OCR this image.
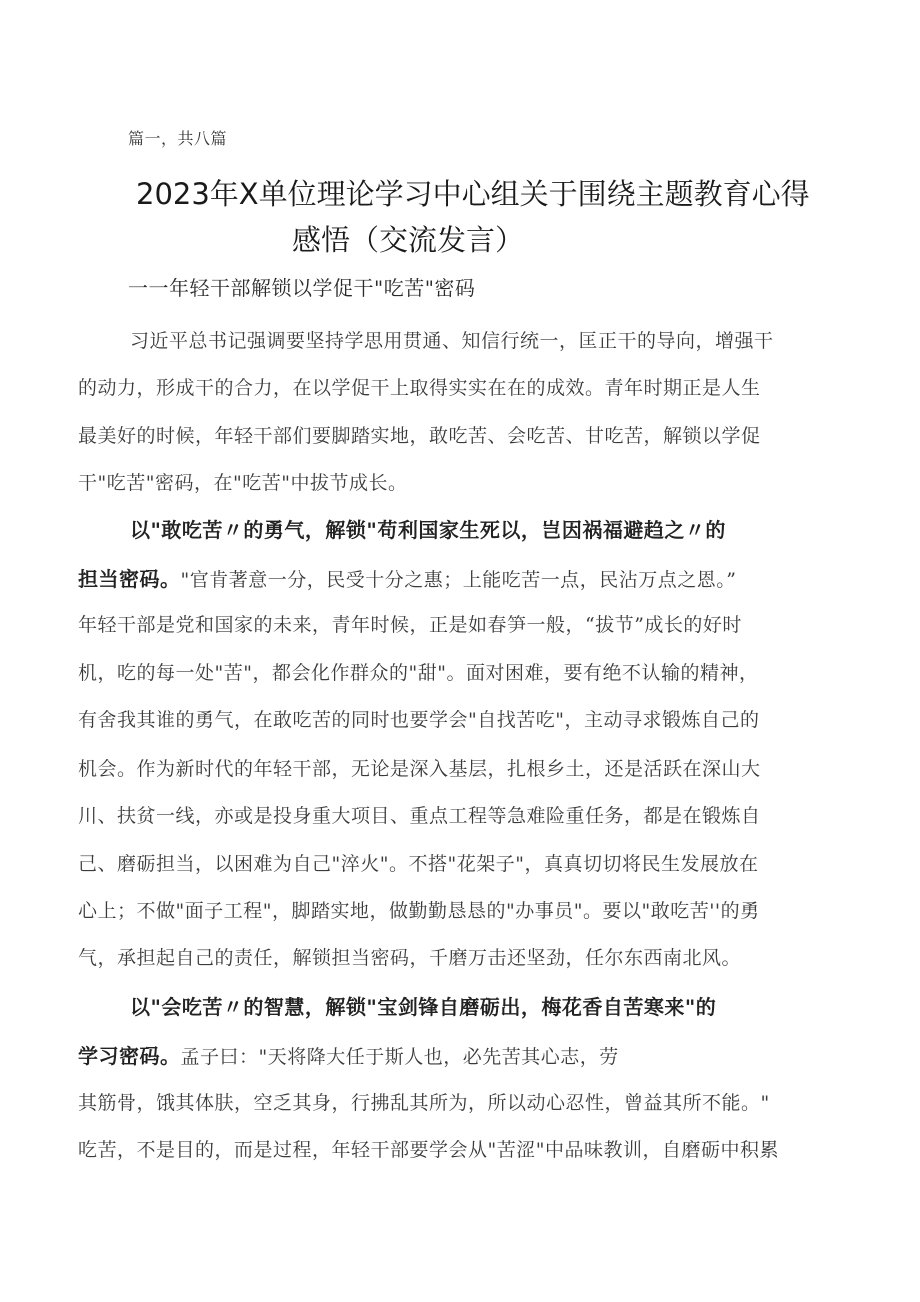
篇一，共八篇
2023年X单位理论学习中心组关于围绕主题教育心得
感悟（交流发言）
一一年轻干部解锁以学促干"吃苦"密码
习近平总书记强调要坚持学思用贯通、知信行统一，匡正干的导向，增强干
的动力，形成干的合力，在以学促干上取得实实在在的成效。青年时期正是人生
最美好的时候，年轻干部们要脚踏实地，敢吃苦、会吃苦、甘吃苦，解锁以学促
干"吃苦"密码，在"吃苦"中拔节成长。
以"敢吃苦〃的勇气，解锁"苟利国家生死以，岂因祸福避趋之〃的
担当密码。"官肯著意一分，民受十分之惠；上能吃苦一点，民沾万点之恩。”
年轻干部是党和国家的未来，青年时候，正是如春笋一般，“拔节”成长的好时
机，吃的每一处"苦"，都会化作群众的"甜"。面对困难，要有绝不认输的精神，
有舍我其谁的勇气，在敢吃苦的同时也要学会"自找苦吃"，主动寻求锻炼自己的
机会。作为新时代的年轻干部，无论是深入基层，扎根乡土，还是活跃在深山大
川、扶贫一线，亦或是投身重大项目、重点工程等急难险重任务，都是在锻炼自
己、磨砺担当，以困难为自己"淬火"。不搭"花架子"，真真切切将民生发展放在
心上；不做"面子工程"，脚踏实地，做勤勤恳恳的"办事员"。要以"敢吃苦''的勇
气，承担起自己的责任，解锁担当密码，千磨万击还坚劲，任尔东西南北风。
以"会吃苦〃的智慧，解锁"宝剑锋自磨砺出，梅花香自苦寒来"的
学习密码。孟子曰："天将降大任于斯人也，必先苦其心志，劳
其筋骨，饿其体肤，空乏其身，行拂乱其所为，所以动心忍性，曾益其所不能。"
吃苦，不是目的，而是过程，年轻干部要学会从"苦涩"中品味教训，自磨砺中积累
